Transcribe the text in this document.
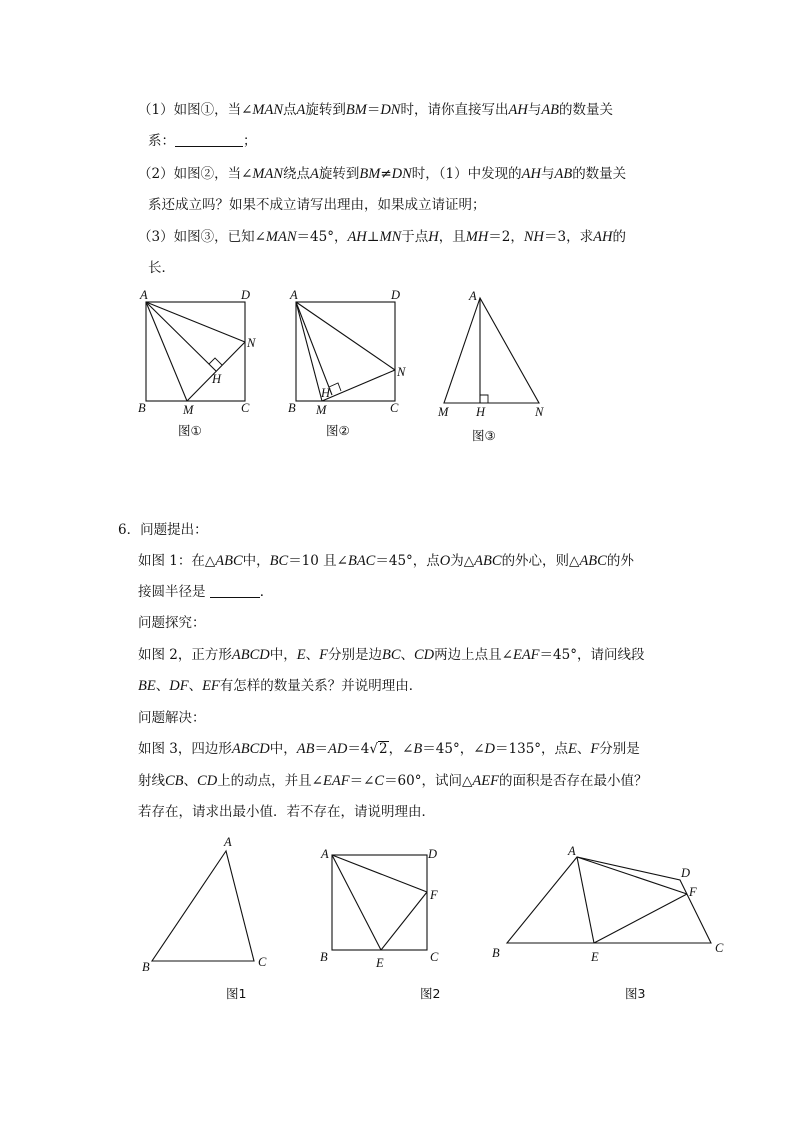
（1）如图①，当∠MAN点A旋转到BM＝DN时，请你直接写出AH与AB的数量关
系：	；
（2）如图②，当∠MAN绕点A旋转到BM≠DN时，（1）中发现的AH与AB的数量关
系还成立吗？如果不成立请写出理由，如果成立请证明；
（3）如图③，已知∠MAN＝45°，AH⊥MN于点H，且MH＝2，NH＝3，求AH的
长．
A	D
N
H
B	M	C
图①
A	D
N
H
B M	C
图②
A
M H	N
图③
6．问题提出：
如图 1：在△ABC中，BC＝10 且∠BAC＝45°，点O为△ABC的外心，则△ABC的外
接圆半径是	．
问题探究：
如图 2，正方形ABCD中，E、F分别是边BC、CD两边上点且∠EAF＝45°，请问线段
BE、DF、EF有怎样的数量关系？并说明理由．
问题解决：
如图 3，四边形ABCD中，AB＝AD＝4√2，∠B＝45°，∠D＝135°，点E、F分别是
射线CB、CD上的动点，并且∠EAF＝∠C＝60°，试问△AEF的面积是否存在最小值？
若存在，请求出最小值．若不存在，请说明理由．
A
B	C
图1
A	D
F
B	E	C
图2
A
D
F
B	E
C
图3
